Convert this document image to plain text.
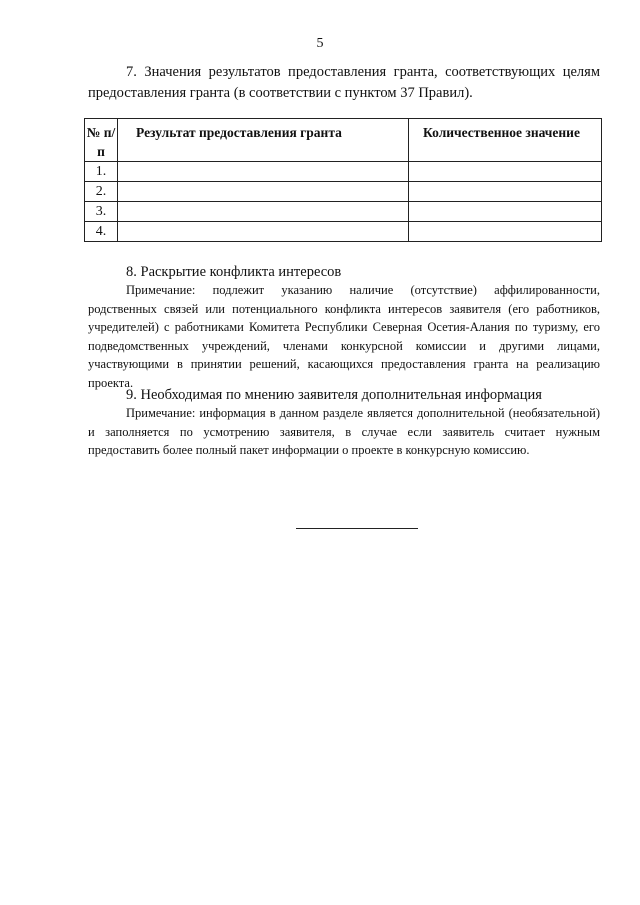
5

7. Значения результатов предоставления гранта, соответствующих целям предоставления гранта (в соответствии с пунктом 37 Правил).

№ п/п	Результат предоставления гранта	Количественное значение
1.		
2.		
3.		
4.		

8. Раскрытие конфликта интересов

Примечание: подлежит указанию наличие (отсутствие) аффилированности, родственных связей или потенциального конфликта интересов заявителя (его работников, учредителей) с работниками Комитета Республики Северная Осетия-Алания по туризму, его подведомственных учреждений, членами конкурсной комиссии и другими лицами, участвующими в принятии решений, касающихся предоставления гранта на реализацию проекта.

9. Необходимая по мнению заявителя дополнительная информация

Примечание: информация в данном разделе является дополнительной (необязательной) и заполняется по усмотрению заявителя, в случае если заявитель считает нужным предоставить более полный пакет информации о проекте в конкурсную комиссию.
